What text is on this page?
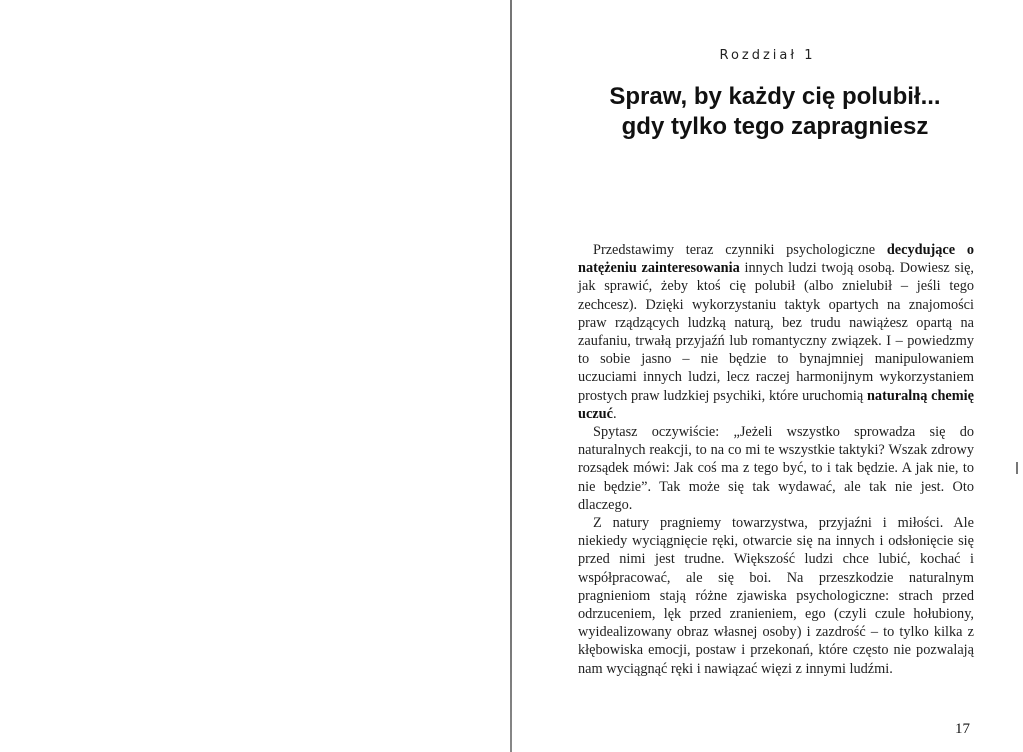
Rozdział 1
Spraw, by każdy cię polubił...
gdy tylko tego zapragniesz

Przedstawimy teraz czynniki psychologiczne decydujące o natężeniu zainteresowania innych ludzi twoją osobą. Dowiesz się, jak sprawić, żeby ktoś cię polubił (albo znielubił – jeśli tego zechcesz). Dzięki wykorzystaniu taktyk opartych na znajomości praw rządzących ludzką naturą, bez trudu nawiążesz opartą na zaufaniu, trwałą przyjaźń lub romantyczny związek. I – powiedzmy to sobie jasno – nie będzie to bynajmniej manipulowaniem uczuciami innych ludzi, lecz raczej harmonijnym wykorzystaniem prostych praw ludzkiej psychiki, które uruchomią naturalną chemię uczuć.

Spytasz oczywiście: „Jeżeli wszystko sprowadza się do naturalnych reakcji, to na co mi te wszystkie taktyki? Wszak zdrowy rozsądek mówi: Jak coś ma z tego być, to i tak będzie. A jak nie, to nie będzie”. Tak może się tak wydawać, ale tak nie jest. Oto dlaczego.

Z natury pragniemy towarzystwa, przyjaźni i miłości. Ale niekiedy wyciągnięcie ręki, otwarcie się na innych i odsłonięcie się przed nimi jest trudne. Większość ludzi chce lubić, kochać i współpracować, ale się boi. Na przeszkodzie naturalnym pragnieniom stają różne zjawiska psychologiczne: strach przed odrzuceniem, lęk przed zranieniem, ego (czyli czule hołubiony, wyidealizowany obraz własnej osoby) i zazdrość – to tylko kilka z kłębowiska emocji, postaw i przekonań, które często nie pozwalają nam wyciągnąć ręki i nawiązać więzi z innymi ludźmi.

17
